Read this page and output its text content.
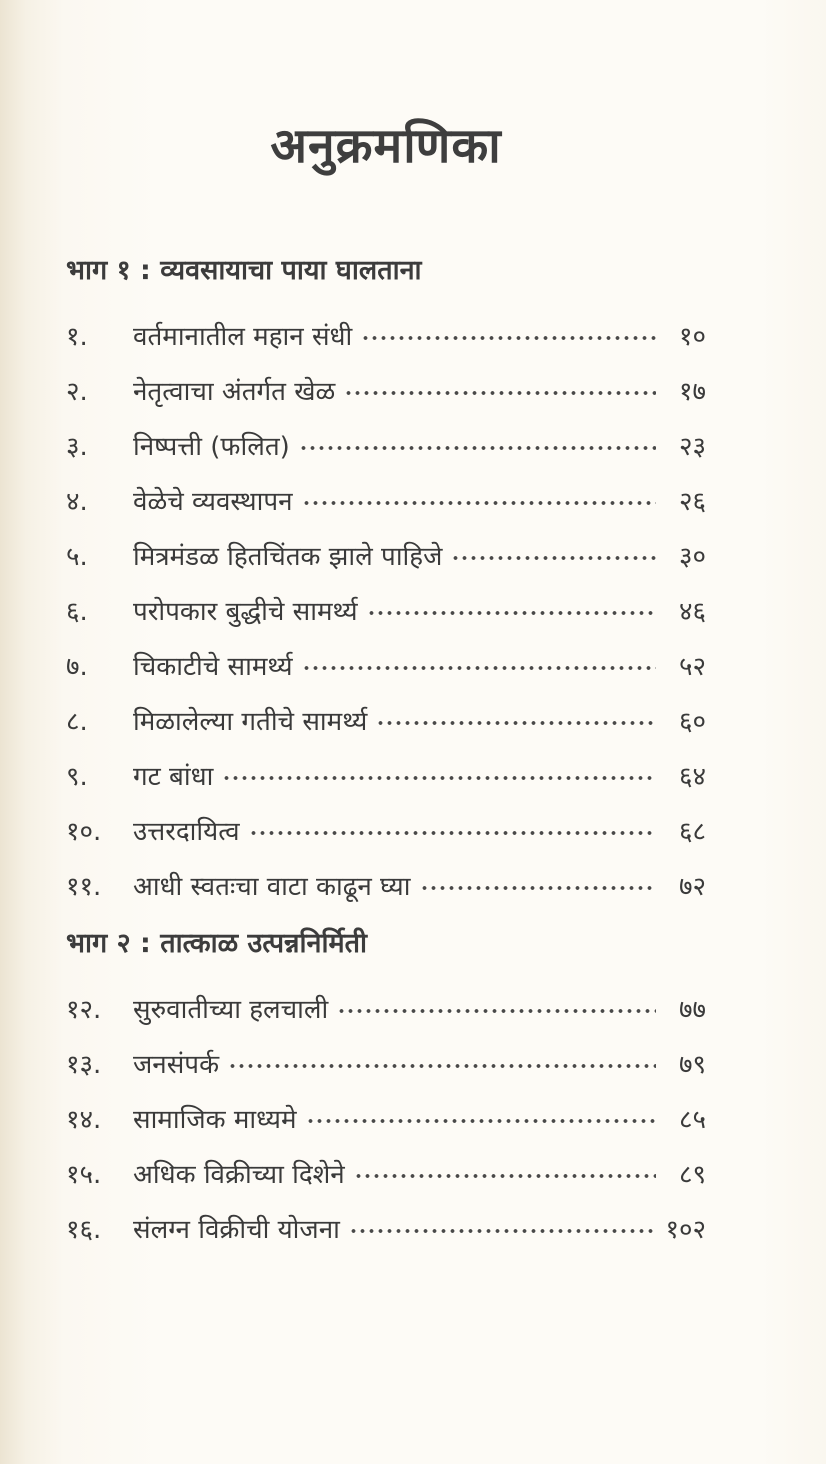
अनुक्रमणिका
भाग १ : व्यवसायाचा पाया घालताना
१.	वर्तमानातील महान संधी	१०
२.	नेतृत्वाचा अंतर्गत खेळ	१७
३.	निष्पत्ती (फलित)	२३
४.	वेळेचे व्यवस्थापन	२६
५.	मित्रमंडळ हितचिंतक झाले पाहिजे	३०
६.	परोपकार बुद्धीचे सामर्थ्य	४६
७.	चिकाटीचे सामर्थ्य	५२
८.	मिळालेल्या गतीचे सामर्थ्य	६०
९.	गट बांधा	६४
१०.	उत्तरदायित्व	६८
११.	आधी स्वतःचा वाटा काढून घ्या	७२
भाग २ : तात्काळ उत्पन्ननिर्मिती
१२.	सुरुवातीच्या हलचाली	७७
१३.	जनसंपर्क	७९
१४.	सामाजिक माध्यमे	८५
१५.	अधिक विक्रीच्या दिशेने	८९
१६.	संलग्न विक्रीची योजना	१०२
